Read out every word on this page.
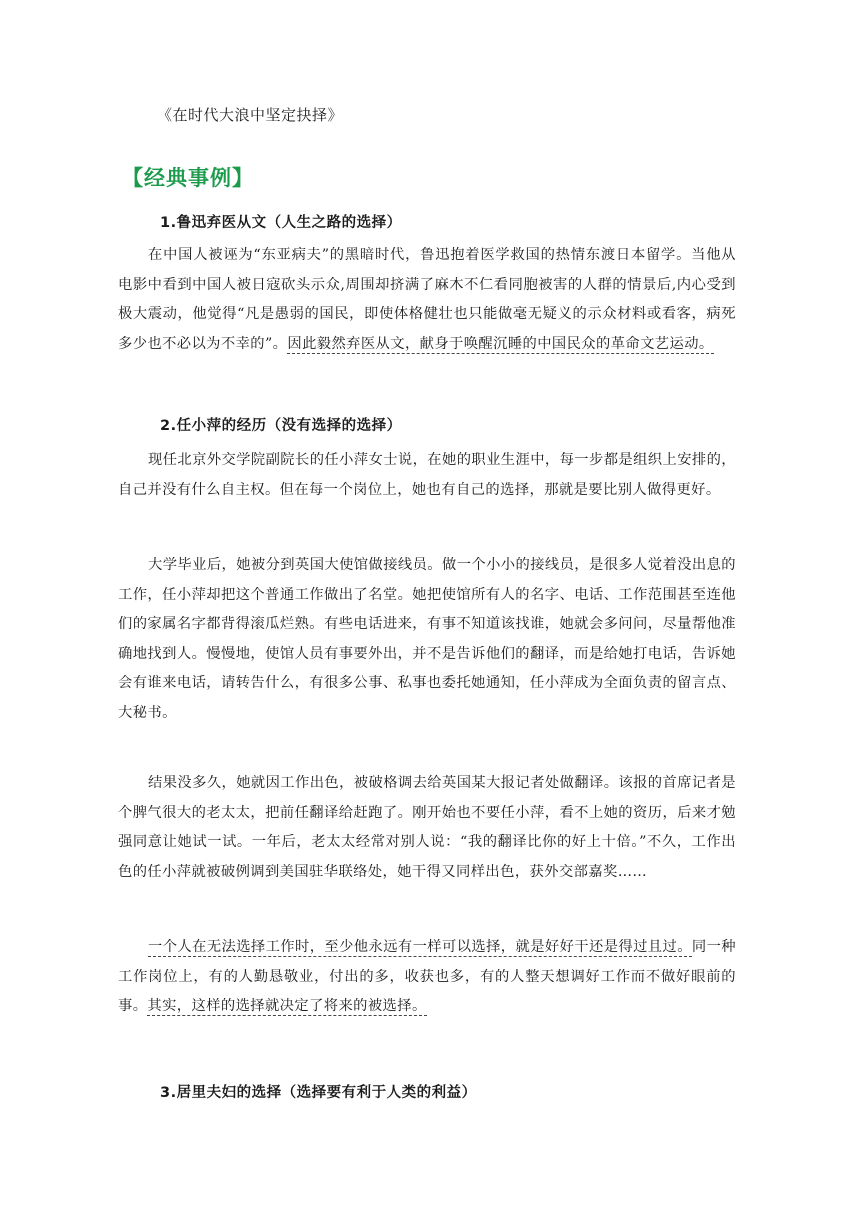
《在时代大浪中坚定抉择》
【经典事例】
1.鲁迅弃医从文（人生之路的选择）
在中国人被诬为“东亚病夫”的黑暗时代，鲁迅抱着医学救国的热情东渡日本留学。当他从电影中看到中国人被日寇砍头示众,周围却挤满了麻木不仁看同胞被害的人群的情景后,内心受到极大震动，他觉得“凡是愚弱的国民，即使体格健壮也只能做毫无疑义的示众材料或看客，病死多少也不必以为不幸的”。因此毅然弃医从文，献身于唤醒沉睡的中国民众的革命文艺运动。
2.任小萍的经历（没有选择的选择）
现任北京外交学院副院长的任小萍女士说，在她的职业生涯中，每一步都是组织上安排的，自己并没有什么自主权。但在每一个岗位上，她也有自己的选择，那就是要比别人做得更好。
大学毕业后，她被分到英国大使馆做接线员。做一个小小的接线员，是很多人觉着没出息的工作，任小萍却把这个普通工作做出了名堂。她把使馆所有人的名字、电话、工作范围甚至连他们的家属名字都背得滚瓜烂熟。有些电话进来，有事不知道该找谁，她就会多问问，尽量帮他准确地找到人。慢慢地，使馆人员有事要外出，并不是告诉他们的翻译，而是给她打电话，告诉她会有谁来电话，请转告什么，有很多公事、私事也委托她通知，任小萍成为全面负责的留言点、大秘书。
结果没多久，她就因工作出色，被破格调去给英国某大报记者处做翻译。该报的首席记者是个脾气很大的老太太，把前任翻译给赶跑了。刚开始也不要任小萍，看不上她的资历，后来才勉强同意让她试一试。一年后，老太太经常对别人说：“我的翻译比你的好上十倍。”不久，工作出色的任小萍就被破例调到美国驻华联络处，她干得又同样出色，获外交部嘉奖……
一个人在无法选择工作时，至少他永远有一样可以选择，就是好好干还是得过且过。同一种工作岗位上，有的人勤恳敬业，付出的多，收获也多，有的人整天想调好工作而不做好眼前的事。其实，这样的选择就决定了将来的被选择。
3.居里夫妇的选择（选择要有利于人类的利益）
